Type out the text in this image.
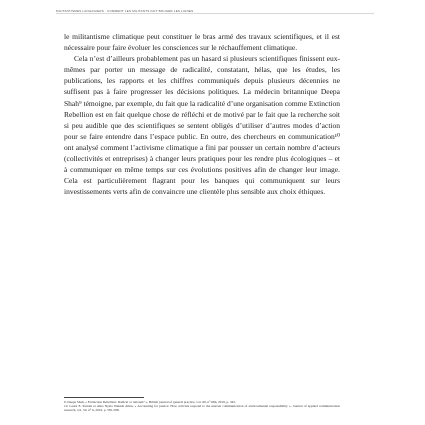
MILITANTISMES LANGAGIERS : COMMENT LES MILITANTS FAIT BOUGER LES LIGNES

le militantisme climatique peut constituer le bras armé des travaux scientifiques, et il est nécessaire pour faire évoluer les consciences sur le réchauffement climatique.

Cela n’est d’ailleurs probablement pas un hasard si plusieurs scientifiques finissent eux-mêmes par porter un message de radicalité, constatant, hélas, que les études, les publications, les rapports et les chiffres communiqués depuis plusieurs décennies ne suffisent pas à faire progresser les décisions politiques. La médecin britannique Deepa Shah⁹ témoigne, par exemple, du fait que la radicalité d’une organisation comme Extinction Rebellion est en fait quelque chose de réfléchi et de motivé par le fait que la recherche soit si peu audible que des scientifiques se sentent obligés d’utiliser d’autres modes d’action pour se faire entendre dans l’espace public. En outre, des chercheurs en communication¹⁰ ont analysé comment l’activisme climatique a fini par pousser un certain nombre d’acteurs (collectivités et entreprises) à changer leurs pratiques pour les rendre plus écologiques – et à communiquer en même temps sur ces évolutions positives afin de changer leur image. Cela est particulièrement flagrant pour les banques qui communiquent sur leurs investissements verts afin de convaincre une clientèle plus sensible aux choix éthiques.

9. Deepa Shah, « Extinction Rebellion: Radical or rational? », British journal of general practice, vol. 69, n° 684, 2019, p. 345.

10. Laura E. Partain et Aiko Nyala Wakida Allen, « Accounting for justice: How activists respond to the uneven communication of environmental responsibility », Journal of applied communication research, vol. 50, n° 6, 2022, p. 581-598.
